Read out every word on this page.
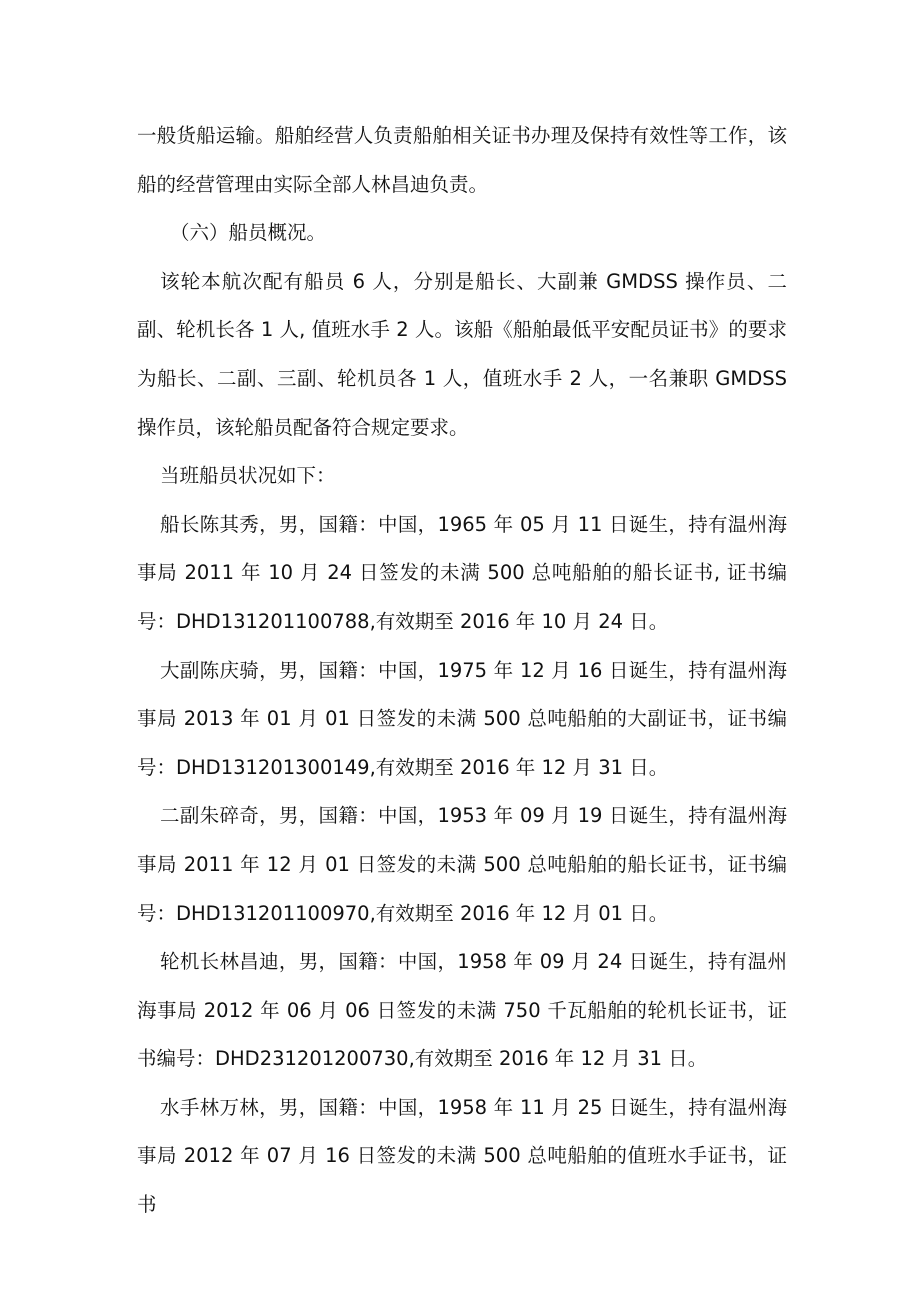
一般货船运输。船舶经营人负责船舶相关证书办理及保持有效性等工作，该船的经营管理由实际全部人林昌迪负责。

（六）船员概况。

该轮本航次配有船员 6 人，分别是船长、大副兼 GMDSS 操作员、二副、轮机长各 1 人, 值班水手 2 人。该船《船舶最低平安配员证书》的要求为船长、二副、三副、轮机员各 1 人，值班水手 2 人，一名兼职 GMDSS 操作员，该轮船员配备符合规定要求。

当班船员状况如下：

船长陈其秀，男，国籍：中国，1965 年 05 月 11 日诞生，持有温州海事局 2011 年 10 月 24 日签发的未满 500 总吨船舶的船长证书, 证书编号：DHD131201100788,有效期至 2016 年 10 月 24 日。

大副陈庆骑，男，国籍：中国，1975 年 12 月 16 日诞生，持有温州海事局 2013 年 01 月 01 日签发的未满 500 总吨船舶的大副证书，证书编号：DHD131201300149,有效期至 2016 年 12 月 31 日。

二副朱碎奇，男，国籍：中国，1953 年 09 月 19 日诞生，持有温州海事局 2011 年 12 月 01 日签发的未满 500 总吨船舶的船长证书，证书编号：DHD131201100970,有效期至 2016 年 12 月 01 日。

轮机长林昌迪，男，国籍：中国，1958 年 09 月 24 日诞生，持有温州海事局 2012 年 06 月 06 日签发的未满 750 千瓦船舶的轮机长证书，证书编号：DHD231201200730,有效期至 2016 年 12 月 31 日。

水手林万林，男，国籍：中国，1958 年 11 月 25 日诞生，持有温州海事局 2012 年 07 月 16 日签发的未满 500 总吨船舶的值班水手证书，证书
